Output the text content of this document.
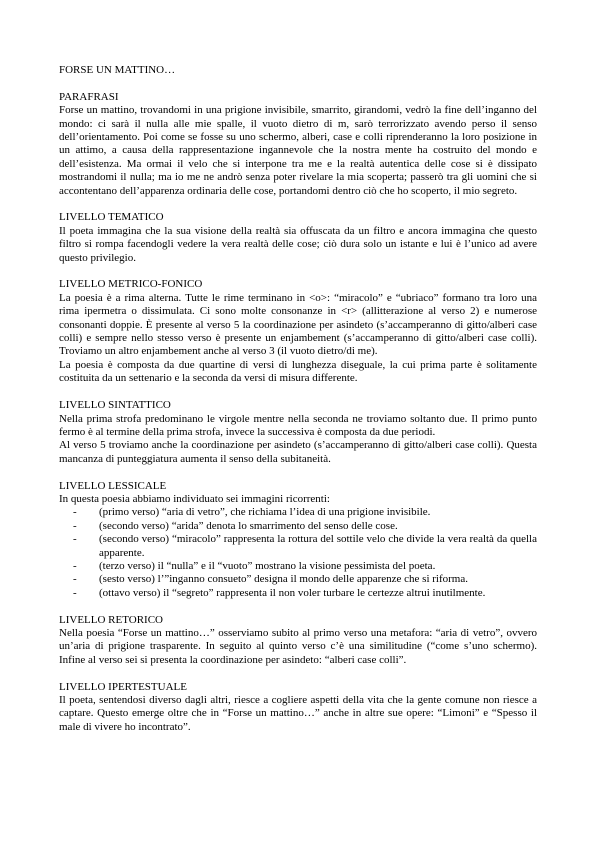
FORSE UN MATTINO…

PARAFRASI

Forse un mattino, trovandomi in una prigione invisibile, smarrito, girandomi, vedrò la fine dell’inganno del mondo: ci sarà il nulla alle mie spalle, il vuoto dietro di m, sarò terrorizzato avendo perso il senso dell’orientamento. Poi come se fosse su uno schermo, alberi, case e colli riprenderanno la loro posizione in un attimo, a causa della rappresentazione ingannevole che la nostra mente ha costruito del mondo e dell’esistenza. Ma ormai il velo che si interpone tra me e la realtà autentica delle cose si è dissipato mostrandomi il nulla; ma io me ne andrò senza poter rivelare la mia scoperta; passerò tra gli uomini che si accontentano dell’apparenza ordinaria delle cose, portandomi dentro ciò che ho scoperto, il mio segreto.

LIVELLO TEMATICO

Il poeta immagina che la sua visione della realtà sia offuscata da un filtro e ancora immagina che questo filtro si rompa facendogli vedere la vera realtà delle cose; ciò dura solo un istante e lui è l’unico ad avere questo privilegio.

LIVELLO METRICO-FONICO

La poesia è a rima alterna. Tutte le rime terminano in <o>: “miracolo” e “ubriaco” formano tra loro una rima ipermetra o dissimulata. Ci sono molte consonanze in <r> (allitterazione al verso 2) e numerose consonanti doppie. È presente al verso 5 la coordinazione per asindeto (s’accamperanno di gitto/alberi case colli) e sempre nello stesso verso è presente un enjambement (s’accamperanno di gitto/alberi case colli). Troviamo un altro enjambement anche al verso 3 (il vuoto dietro/di me).

La poesia è composta da due quartine di versi di lunghezza diseguale, la cui prima parte è solitamente costituita da un settenario e la seconda da versi di misura differente.

LIVELLO SINTATTICO

Nella prima strofa predominano le virgole mentre nella seconda ne troviamo soltanto due. Il primo punto fermo è al termine della prima strofa, invece la successiva è composta da due periodi.

Al verso 5 troviamo anche la coordinazione per asindeto (s’accamperanno di gitto/alberi case colli). Questa mancanza di punteggiatura aumenta il senso della subitaneità.

LIVELLO LESSICALE

In questa poesia abbiamo individuato sei immagini ricorrenti:

- (primo verso) “aria di vetro”, che richiama l’idea di una prigione invisibile.
- (secondo verso) “arida” denota lo smarrimento del senso delle cose.
- (secondo verso) “miracolo” rappresenta la rottura del sottile velo che divide la vera realtà da quella apparente.
- (terzo verso) il “nulla” e il “vuoto” mostrano la visione pessimista del poeta.
- (sesto verso) l’”inganno consueto” designa il mondo delle apparenze che si riforma.
- (ottavo verso) il “segreto” rappresenta il non voler turbare le certezze altrui inutilmente.

LIVELLO RETORICO

Nella poesia “Forse un mattino…” osserviamo subito al primo verso una metafora: “aria di vetro”, ovvero un’aria di prigione trasparente. In seguito al quinto verso c’è una similitudine (“come s’uno schermo). Infine al verso sei si presenta la coordinazione per asindeto: “alberi case colli”.

LIVELLO IPERTESTUALE

Il poeta, sentendosi diverso dagli altri, riesce a cogliere aspetti della vita che la gente comune non riesce a captare. Questo emerge oltre che in “Forse un mattino…” anche in altre sue opere: “Limoni” e “Spesso il male di vivere ho incontrato”.
